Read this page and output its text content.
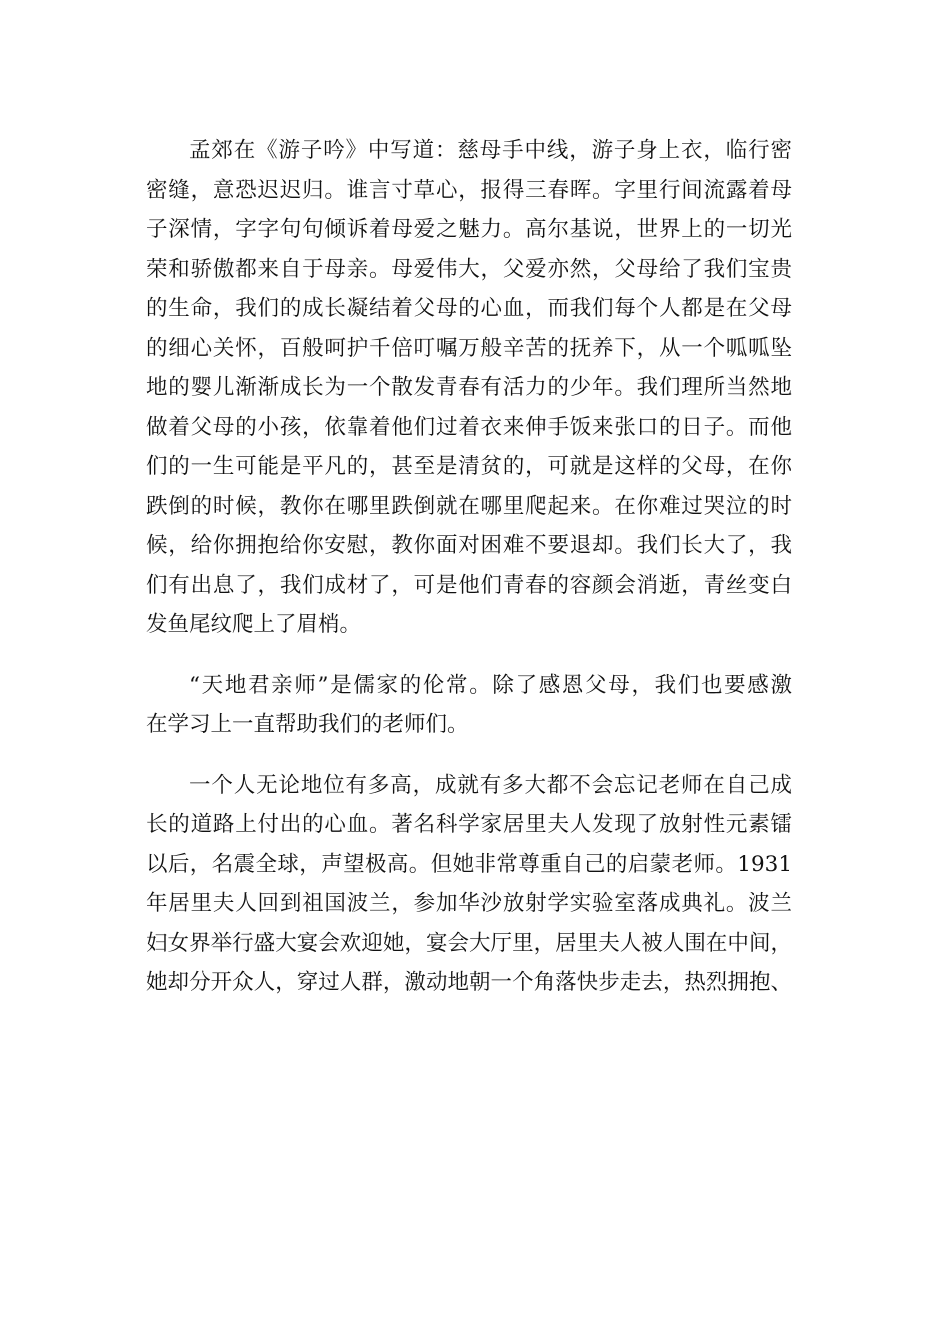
孟郊在《游子吟》中写道：慈母手中线，游子身上衣，临行密
密缝，意恐迟迟归。谁言寸草心，报得三春晖。字里行间流露着母
子深情，字字句句倾诉着母爱之魅力。高尔基说，世界上的一切光
荣和骄傲都来自于母亲。母爱伟大，父爱亦然，父母给了我们宝贵
的生命，我们的成长凝结着父母的心血，而我们每个人都是在父母
的细心关怀，百般呵护千倍叮嘱万般辛苦的抚养下，从一个呱呱坠
地的婴儿渐渐成长为一个散发青春有活力的少年。我们理所当然地
做着父母的小孩，依靠着他们过着衣来伸手饭来张口的日子。而他
们的一生可能是平凡的，甚至是清贫的，可就是这样的父母，在你
跌倒的时候，教你在哪里跌倒就在哪里爬起来。在你难过哭泣的时
候，给你拥抱给你安慰，教你面对困难不要退却。我们长大了，我
们有出息了，我们成材了，可是他们青春的容颜会消逝，青丝变白
发鱼尾纹爬上了眉梢。
“天地君亲师”是儒家的伦常。除了感恩父母，我们也要感激
在学习上一直帮助我们的老师们。
一个人无论地位有多高，成就有多大都不会忘记老师在自己成
长的道路上付出的心血。著名科学家居里夫人发现了放射性元素镭
以后，名震全球，声望极高。但她非常尊重自己的启蒙老师。1931
年居里夫人回到祖国波兰，参加华沙放射学实验室落成典礼。波兰
妇女界举行盛大宴会欢迎她，宴会大厅里，居里夫人被人围在中间，
她却分开众人，穿过人群，激动地朝一个角落快步走去，热烈拥抱、
